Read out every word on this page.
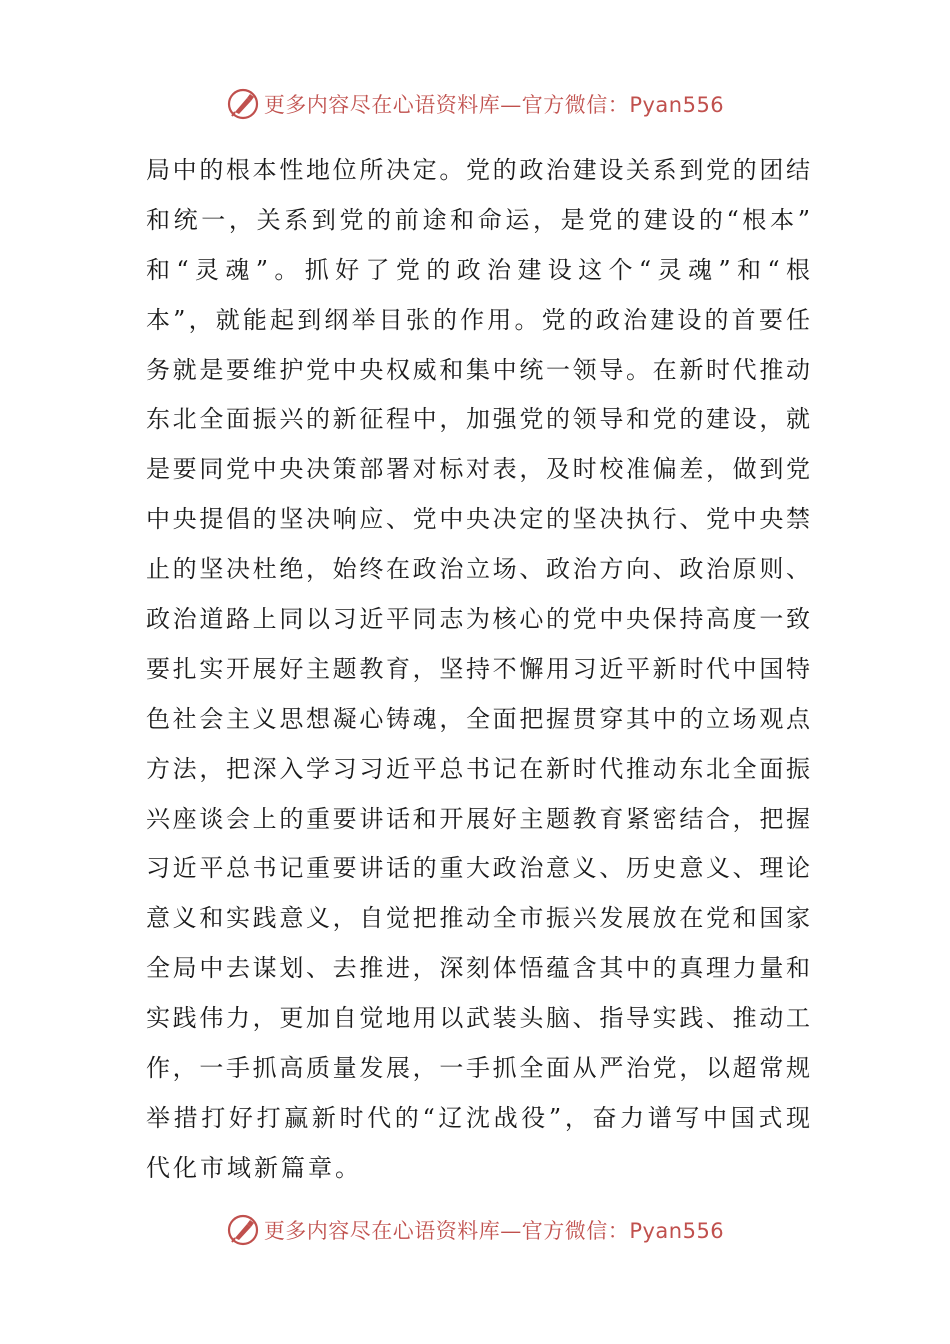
更多内容尽在心语资料库—官方微信：Pyan556
局中的根本性地位所决定。党的政治建设关系到党的团结
和统一，关系到党的前途和命运，是党的建设的“根本”
和“灵魂”。抓好了党的政治建设这个“灵魂”和“根
本”，就能起到纲举目张的作用。党的政治建设的首要任
务就是要维护党中央权威和集中统一领导。在新时代推动
东北全面振兴的新征程中，加强党的领导和党的建设，就
是要同党中央决策部署对标对表，及时校准偏差，做到党
中央提倡的坚决响应、党中央决定的坚决执行、党中央禁
止的坚决杜绝，始终在政治立场、政治方向、政治原则、
政治道路上同以习近平同志为核心的党中央保持高度一致
要扎实开展好主题教育，坚持不懈用习近平新时代中国特
色社会主义思想凝心铸魂，全面把握贯穿其中的立场观点
方法，把深入学习习近平总书记在新时代推动东北全面振
兴座谈会上的重要讲话和开展好主题教育紧密结合，把握
习近平总书记重要讲话的重大政治意义、历史意义、理论
意义和实践意义，自觉把推动全市振兴发展放在党和国家
全局中去谋划、去推进，深刻体悟蕴含其中的真理力量和
实践伟力，更加自觉地用以武装头脑、指导实践、推动工
作，一手抓高质量发展，一手抓全面从严治党，以超常规
举措打好打赢新时代的“辽沈战役”，奋力谱写中国式现
代化市域新篇章。
更多内容尽在心语资料库—官方微信：Pyan556
